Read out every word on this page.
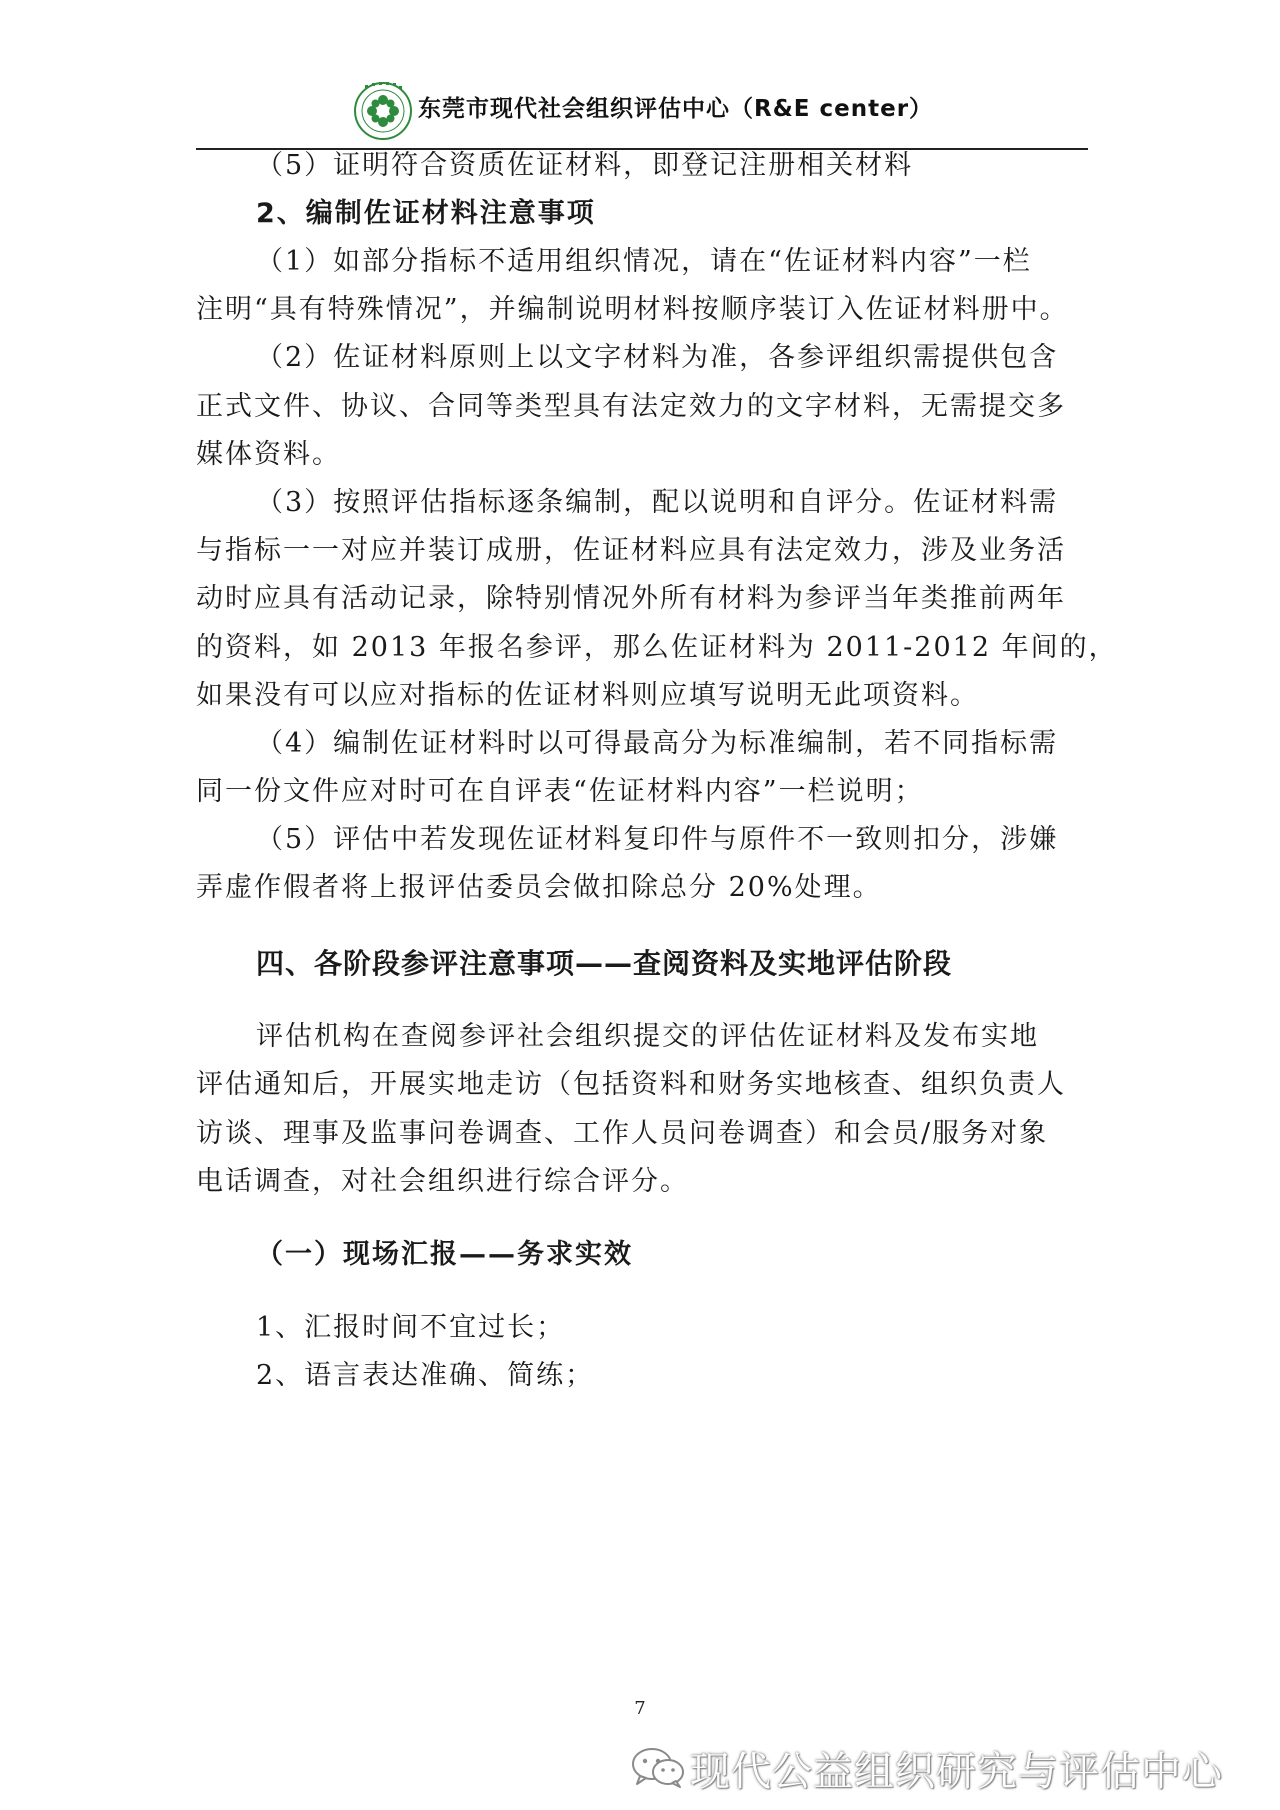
东莞市现代社会组织评估中心（R&E center）
（5）证明符合资质佐证材料，即登记注册相关材料
2、编制佐证材料注意事项
（1）如部分指标不适用组织情况，请在“佐证材料内容”一栏
注明“具有特殊情况”，并编制说明材料按顺序装订入佐证材料册中。
（2）佐证材料原则上以文字材料为准，各参评组织需提供包含
正式文件、协议、合同等类型具有法定效力的文字材料，无需提交多
媒体资料。
（3）按照评估指标逐条编制，配以说明和自评分。佐证材料需
与指标一一对应并装订成册，佐证材料应具有法定效力，涉及业务活
动时应具有活动记录，除特别情况外所有材料为参评当年类推前两年
的资料，如 2013 年报名参评，那么佐证材料为 2011-2012 年间的，
如果没有可以应对指标的佐证材料则应填写说明无此项资料。
（4）编制佐证材料时以可得最高分为标准编制，若不同指标需
同一份文件应对时可在自评表“佐证材料内容”一栏说明；
（5）评估中若发现佐证材料复印件与原件不一致则扣分，涉嫌
弄虚作假者将上报评估委员会做扣除总分 20%处理。
四、各阶段参评注意事项——查阅资料及实地评估阶段
评估机构在查阅参评社会组织提交的评估佐证材料及发布实地
评估通知后，开展实地走访（包括资料和财务实地核查、组织负责人
访谈、理事及监事问卷调查、工作人员问卷调查）和会员/服务对象
电话调查，对社会组织进行综合评分。
（一）现场汇报——务求实效
1、汇报时间不宜过长；
2、语言表达准确、简练；
7
现代公益组织研究与评估中心
